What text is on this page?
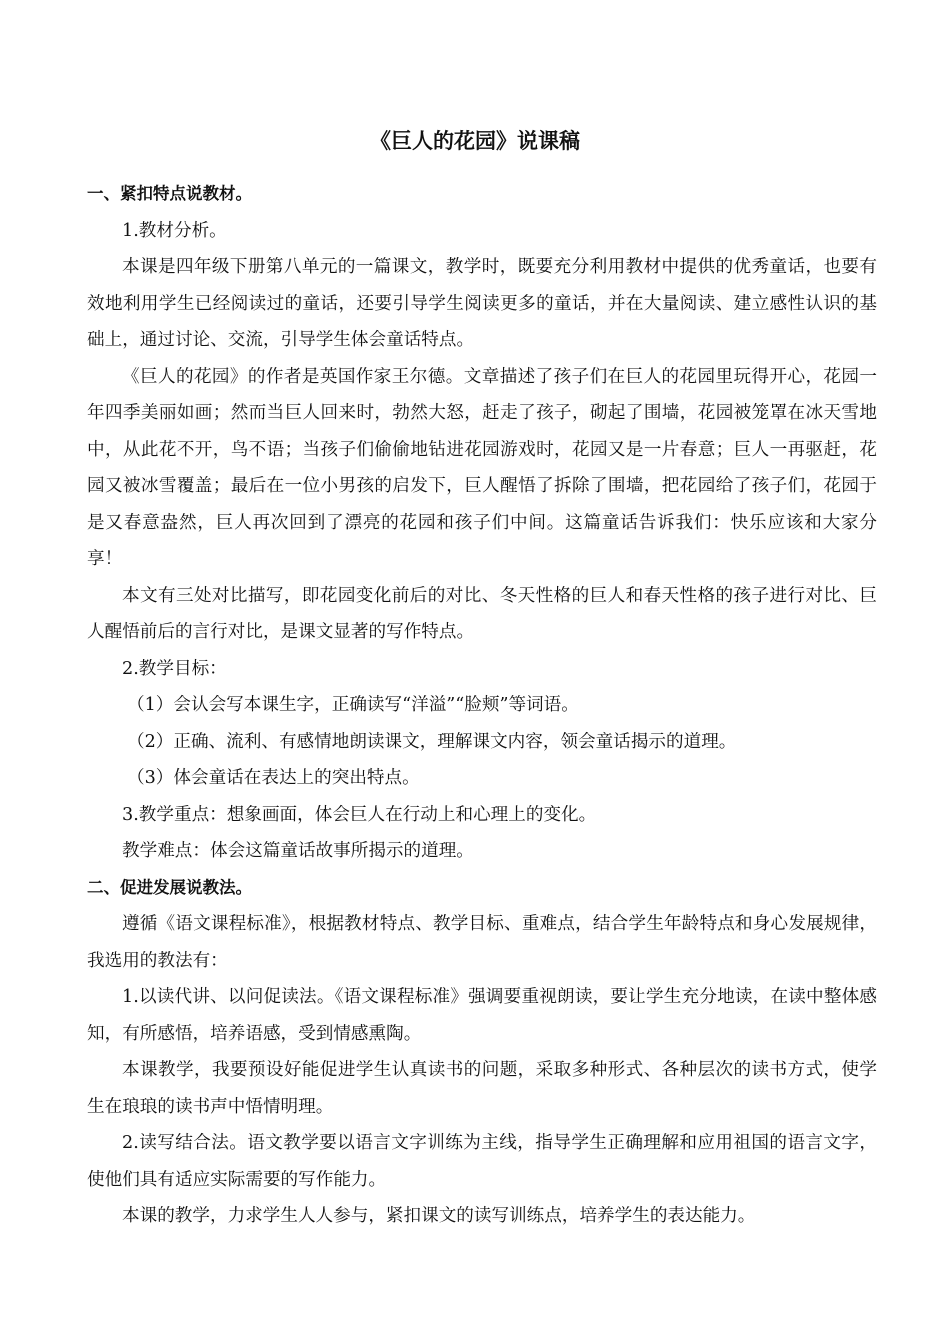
《巨人的花园》说课稿

一、紧扣特点说教材。

1.教材分析。

本课是四年级下册第八单元的一篇课文，教学时，既要充分利用教材中提供的优秀童话，也要有效地利用学生已经阅读过的童话，还要引导学生阅读更多的童话，并在大量阅读、建立感性认识的基础上，通过讨论、交流，引导学生体会童话特点。

《巨人的花园》的作者是英国作家王尔德。文章描述了孩子们在巨人的花园里玩得开心，花园一年四季美丽如画；然而当巨人回来时，勃然大怒，赶走了孩子，砌起了围墙，花园被笼罩在冰天雪地中，从此花不开，鸟不语；当孩子们偷偷地钻进花园游戏时，花园又是一片春意；巨人一再驱赶，花园又被冰雪覆盖；最后在一位小男孩的启发下，巨人醒悟了拆除了围墙，把花园给了孩子们，花园于是又春意盎然，巨人再次回到了漂亮的花园和孩子们中间。这篇童话告诉我们：快乐应该和大家分享！

本文有三处对比描写，即花园变化前后的对比、冬天性格的巨人和春天性格的孩子进行对比、巨人醒悟前后的言行对比，是课文显著的写作特点。

2.教学目标：

（1）会认会写本课生字，正确读写“洋溢”“脸颊”等词语。

（2）正确、流利、有感情地朗读课文，理解课文内容，领会童话揭示的道理。

（3）体会童话在表达上的突出特点。

3.教学重点：想象画面，体会巨人在行动上和心理上的变化。

教学难点：体会这篇童话故事所揭示的道理。

二、促进发展说教法。

遵循《语文课程标准》，根据教材特点、教学目标、重难点，结合学生年龄特点和身心发展规律，我选用的教法有：

1.以读代讲、以问促读法。《语文课程标准》强调要重视朗读，要让学生充分地读，在读中整体感知，有所感悟，培养语感，受到情感熏陶。

本课教学，我要预设好能促进学生认真读书的问题，采取多种形式、各种层次的读书方式，使学生在琅琅的读书声中悟情明理。

2.读写结合法。语文教学要以语言文字训练为主线，指导学生正确理解和应用祖国的语言文字，使他们具有适应实际需要的写作能力。

本课的教学，力求学生人人参与，紧扣课文的读写训练点，培养学生的表达能力。
